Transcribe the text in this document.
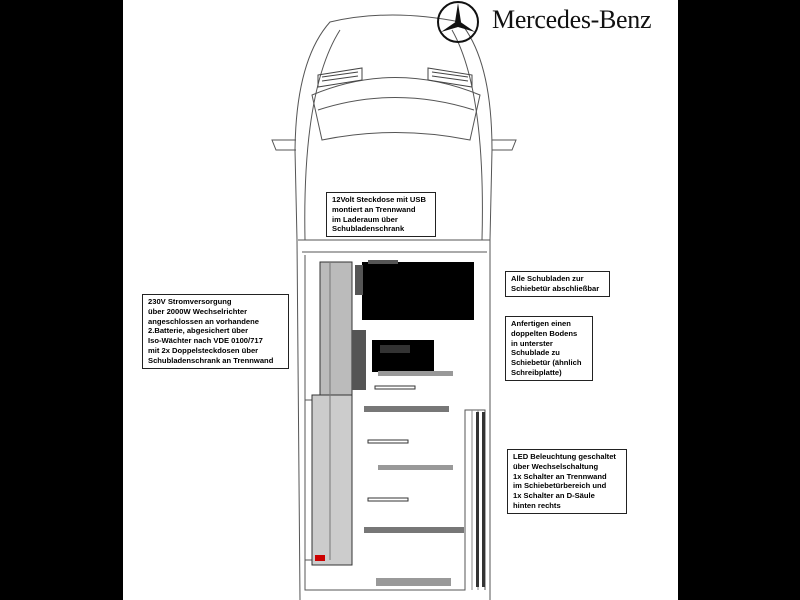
Mercedes-Benz
12Volt Steckdose mit USB
montiert an Trennwand
im Laderaum über
Schubladenschrank
230V Stromversorgung
über 2000W Wechselrichter
angeschlossen an vorhandene
2.Batterie, abgesichert über
Iso-Wächter nach VDE 0100/717
mit 2x Doppelsteckdosen über
Schubladenschrank an Trennwand
Alle Schubladen zur
Schiebetür abschließbar
Anfertigen einen
doppelten Bodens
in unterster
Schublade zu
Schiebetür (ähnlich
Schreibplatte)
LED Beleuchtung geschaltet
über Wechselschaltung
1x Schalter an Trennwand
im Schiebetürbereich und
1x Schalter an D-Säule
hinten rechts
